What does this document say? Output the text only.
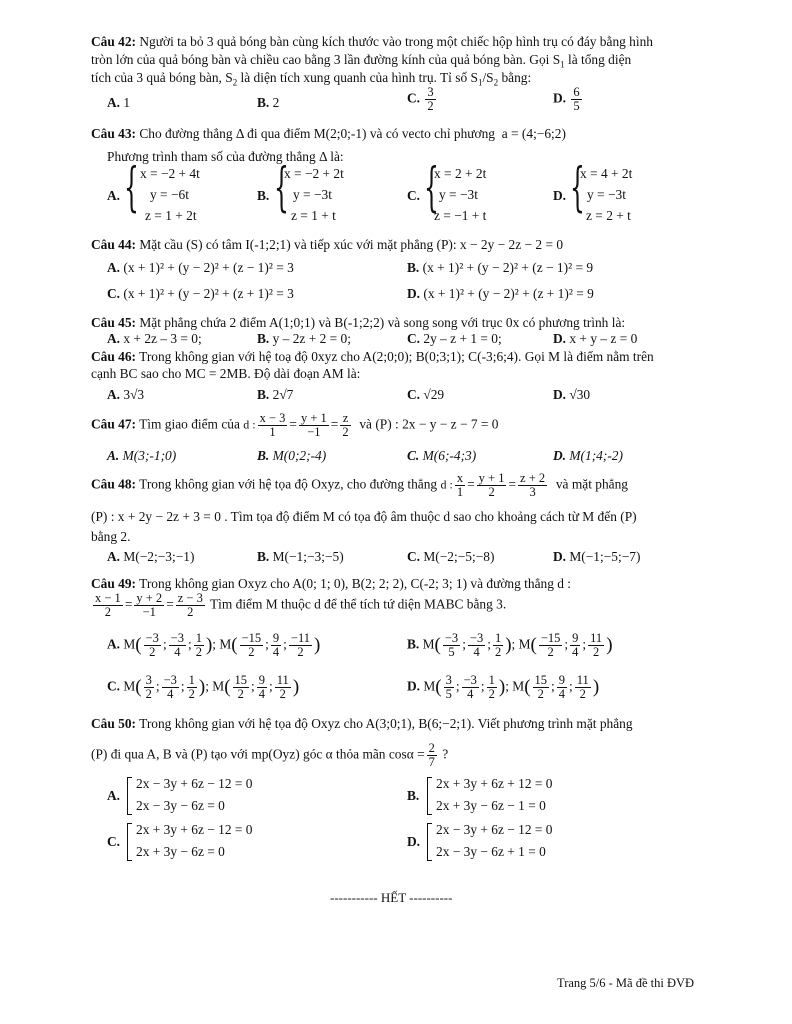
Câu 42: Người ta bỏ 3 quả bóng bàn cùng kích thước vào trong một chiếc hộp hình trụ có đáy bằng hình
tròn lớn của quả bóng bàn và chiều cao bằng 3 lần đường kính của quả bóng bàn. Gọi $S_1$ là tổng diện
tích của 3 quả bóng bàn, $S_2$ là diện tích xung quanh của hình trụ. Tỉ số $S_1/S_2$ bằng:
A. 1	B. 2	C. $\frac{3}{2}$	D. $\frac{6}{5}$
Câu 43: Cho đường thẳng Δ đi qua điểm M(2;0;-1) và có vecto chỉ phương a = (4;−6;2)
Phương trình tham số của đường thẳng Δ là:
A. { x = −2 + 4t
y = −6t
z = 1 + 2t
B. {
x = −2 + 2t
y = −3t
z = 1 + t
C. {
x = 2 + 2t
y = −3t
z = −1 + t
D. {
x = 4 + 2t
y = −3t
z = 2 + t
Câu 44: Mặt cầu (S) có tâm I(-1;2;1) và tiếp xúc với mặt phẳng (P): x − 2y − 2z − 2 = 0
A. (x + 1)² + (y − 2)² + (z − 1)² = 3	B. (x + 1)² + (y − 2)² + (z − 1)² = 9
C. (x + 1)² + (y − 2)² + (z + 1)² = 3	D. (x + 1)² + (y − 2)² + (z + 1)² = 9
Câu 45: Mặt phẳng chứa 2 điểm A(1;0;1) và B(-1;2;2) và song song với trục 0x có phương trình là:
A. x + 2z – 3 = 0;	B. y – 2z + 2 = 0;	C. 2y – z + 1 = 0;	D. x + y – z = 0
Câu 46: Trong không gian với hệ toạ độ 0xyz cho A(2;0;0); B(0;3;1); C(-3;6;4). Gọi M là điểm nằm trên
cạnh BC sao cho MC = 2MB. Độ dài đoạn AM là:
A. 3√3	B. 2√7	C. √29	D. √30
Câu 47: Tìm giao điểm của d : $\frac{x - 3}{1} = \frac{y + 1}{-1} = \frac{z}{2}$ và (P) : 2x − y − z − 7 = 0
A. M(3;-1;0)	B. M(0;2;-4)	C. M(6;-4;3)	D. M(1;4;-2)
Câu 48: Trong không gian với hệ tọa độ Oxyz, cho đường thẳng d : $\frac{x}{1} = \frac{y + 1}{2} = \frac{z + 2}{3}$ và mặt phẳng
(P) : x + 2y − 2z + 3 = 0 . Tìm tọa độ điểm M có tọa độ âm thuộc d sao cho khoảng cách từ M đến (P)
bằng 2.
A. M(−2;−3;−1)	B. M(−1;−3;−5)	C. M(−2;−5;−8)	D. M(−1;−5;−7)
Câu 49: Trong không gian Oxyz cho A(0; 1; 0), B(2; 2; 2), C(-2; 3; 1) và đường thẳng d :
$\frac{x - 1}{2} = \frac{y + 2}{-1} = \frac{z - 3}{2}$ Tìm điểm M thuộc d để thể tích tứ diện MABC bằng 3.
A. $M( \frac{-3}{2}$ ; $\frac{-3}{4}$ ; $\frac{1}{2}$ ); $M( \frac{-15}{2}$ ; $\frac{9}{4}$ ; $\frac{-11}{2}$ )	B. $M( \frac{-3}{5}$ ; $\frac{-3}{4}$ ; $\frac{1}{2}$ ); $M( \frac{-15}{2}$ ; $\frac{9}{4}$ ; $\frac{11}{2}$ )
C. $M( \frac{3}{2}$ ; $\frac{-3}{4}$ ; $\frac{1}{2}$ ); $M( \frac{15}{2}$ ; $\frac{9}{4}$ ; $\frac{11}{2}$ )	D. $M( \frac{3}{5}$ ; $\frac{-3}{4}$ ; $\frac{1}{2}$ ); $M( \frac{15}{2}$ ; $\frac{9}{4}$ ; $\frac{11}{2}$ )
Câu 50: Trong không gian với hệ tọa độ Oxyz cho A(3;0;1), B(6;−2;1). Viết phương trình mặt phẳng
(P) đi qua A, B và (P) tạo với mp(Oyz) góc α thỏa mãn $\cos\alpha = \frac{2}{7}$ ?
A.
2x − 3y + 6z − 12 = 0
2x − 3y − 6z = 0
B.
2x + 3y + 6z + 12 = 0
2x + 3y − 6z − 1 = 0
C.
2x + 3y + 6z − 12 = 0
2x + 3y − 6z = 0
D.
2x − 3y + 6z − 12 = 0
2x − 3y − 6z + 1 = 0
----------- HẾT ----------
Trang 5/6 - Mã đề thi ĐVĐ
